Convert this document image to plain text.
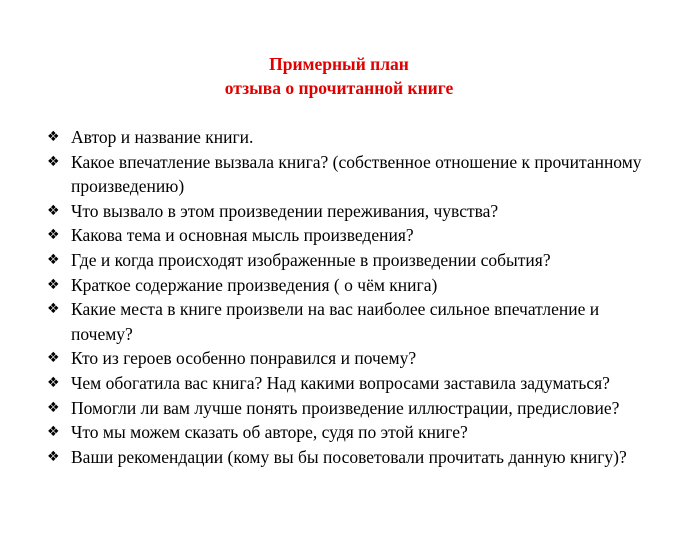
Примерный план
отзыва о прочитанной книге
❖ Автор и название книги.
❖ Какое впечатление вызвала книга? (собственное отношение к прочитанному произведению)
❖ Что вызвало в этом произведении переживания, чувства?
❖ Какова тема и основная мысль произведения?
❖ Где и когда происходят изображенные в произведении события?
❖ Краткое содержание произведения ( о чём книга)
❖ Какие места в книге произвели на вас наиболее сильное впечатление и почему?
❖ Кто из героев особенно понравился и почему?
❖ Чем обогатила вас книга? Над какими вопросами заставила задуматься?
❖ Помогли ли вам лучше понять произведение иллюстрации, предисловие?
❖ Что мы можем сказать об авторе, судя по этой книге?
❖ Ваши рекомендации (кому вы бы посоветовали прочитать данную книгу)?
